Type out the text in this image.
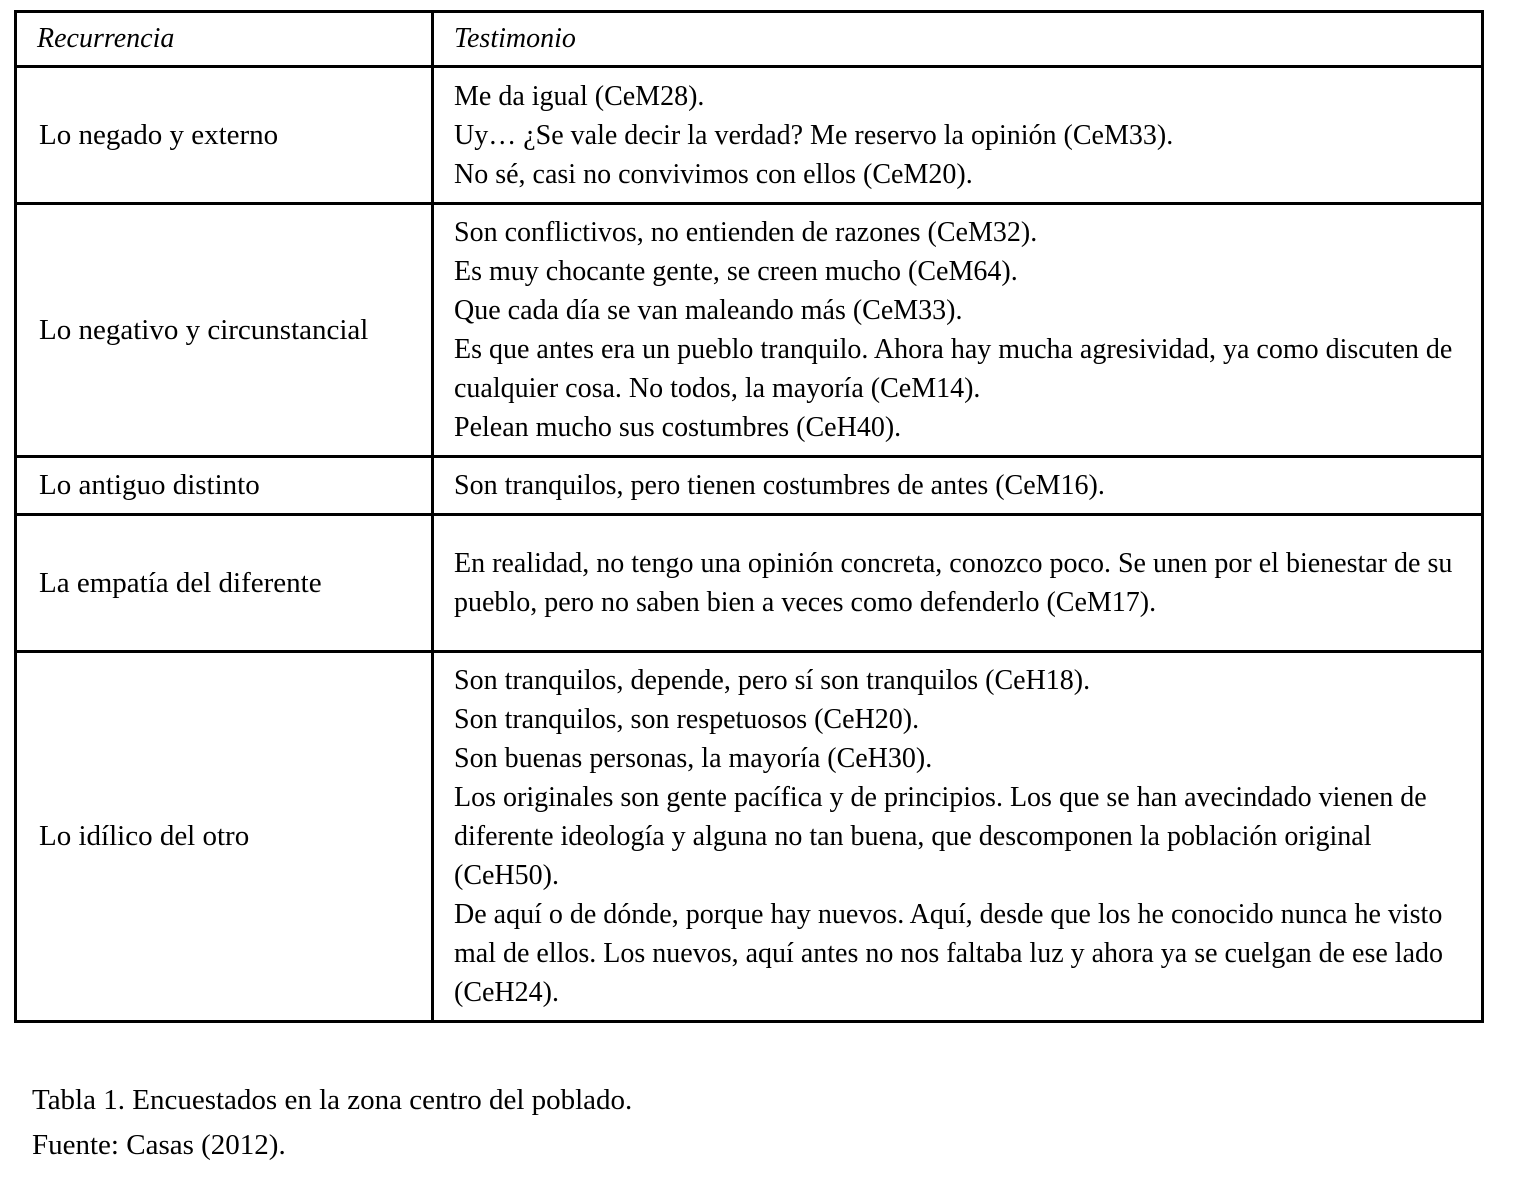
Recurrencia	Testimonio
Lo negado y externo	Me da igual (CeM28).
Uy… ¿Se vale decir la verdad? Me reservo la opinión (CeM33).
No sé, casi no convivimos con ellos (CeM20).

Lo negativo y circunstancial	Son conflictivos, no entienden de razones (CeM32).
Es muy chocante gente, se creen mucho (CeM64).
Que cada día se van maleando más (CeM33).
Es que antes era un pueblo tranquilo. Ahora hay mucha agresividad, ya como discuten de cualquier cosa. No todos, la mayoría (CeM14).
Pelean mucho sus costumbres (CeH40).

Lo antiguo distinto	Son tranquilos, pero tienen costumbres de antes (CeM16).

La empatía del diferente	En realidad, no tengo una opinión concreta, conozco poco. Se unen por el bienestar de su pueblo, pero no saben bien a veces como defenderlo (CeM17).

Lo idílico del otro	Son tranquilos, depende, pero sí son tranquilos (CeH18).
Son tranquilos, son respetuosos (CeH20).
Son buenas personas, la mayoría (CeH30).
Los originales son gente pacífica y de principios. Los que se han avecindado vienen de diferente ideología y alguna no tan buena, que descomponen la población original (CeH50).
De aquí o de dónde, porque hay nuevos. Aquí, desde que los he conocido nunca he visto mal de ellos. Los nuevos, aquí antes no nos faltaba luz y ahora ya se cuelgan de ese lado (CeH24).
Tabla 1. Encuestados en la zona centro del poblado.
Fuente: Casas (2012).
